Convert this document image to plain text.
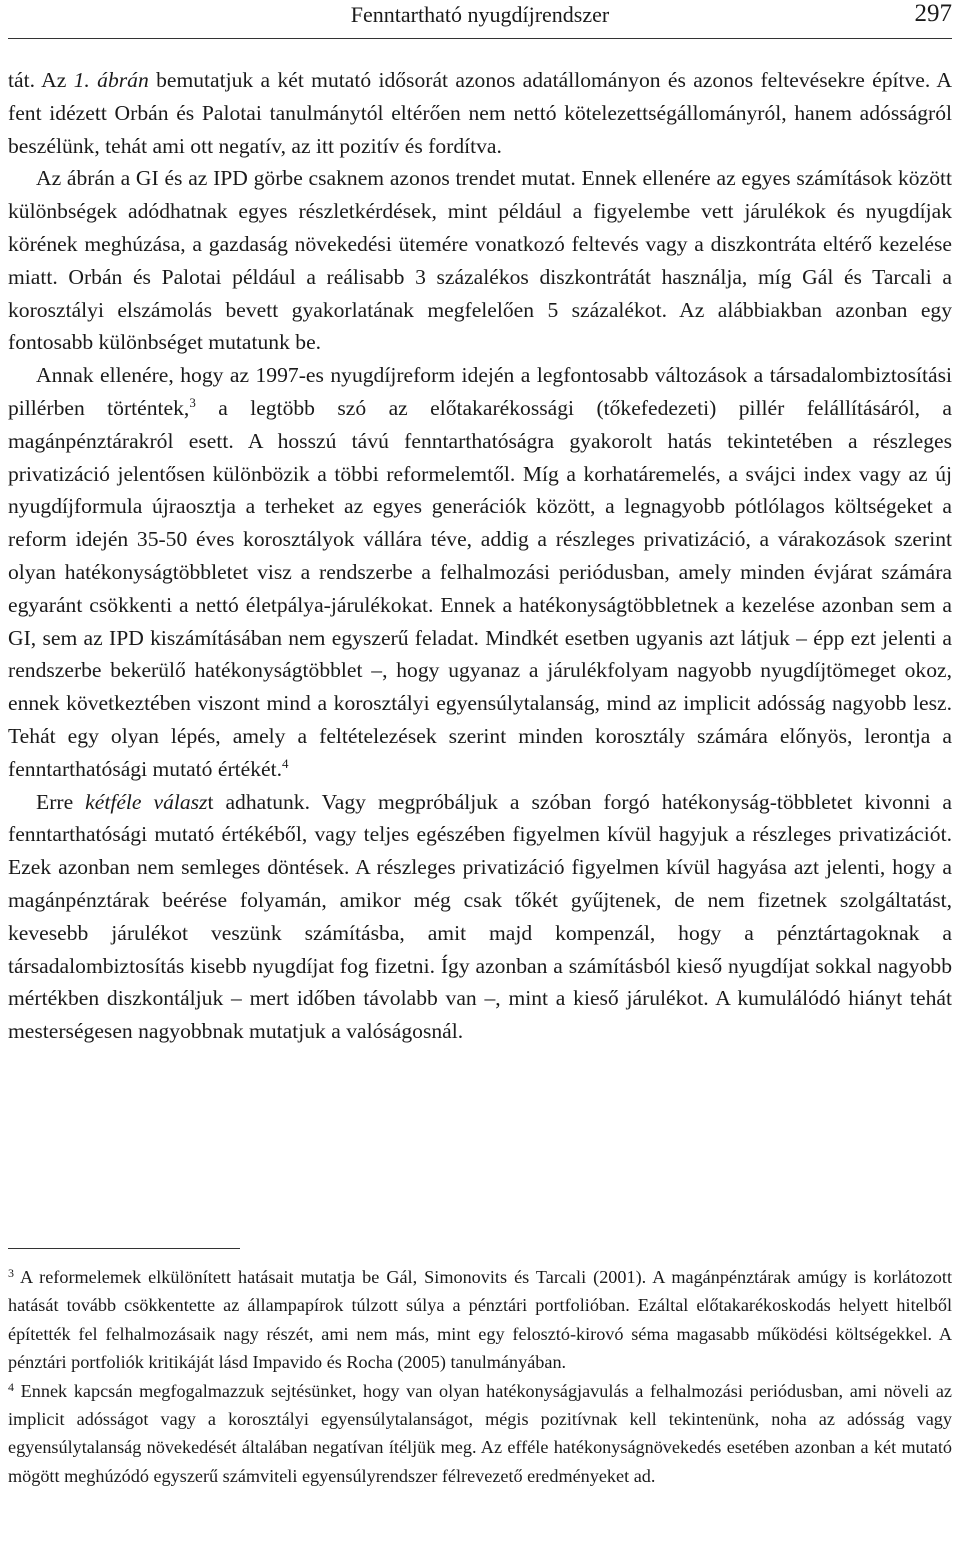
Fenntartható nyugdíjrendszer	297

tát. Az 1. ábrán bemutatjuk a két mutató idősorát azonos adatállományon és azonos feltevésekre építve. A fent idézett Orbán és Palotai tanulmánytól eltérően nem nettó kötelezettségállományról, hanem adósságról beszélünk, tehát ami ott negatív, az itt pozitív és fordítva.

Az ábrán a GI és az IPD görbe csaknem azonos trendet mutat. Ennek ellenére az egyes számítások között különbségek adódhatnak egyes részletkérdések, mint például a figyelembe vett járulékok és nyugdíjak körének meghúzása, a gazdaság növekedési ütemére vonatkozó feltevés vagy a diszkontráta eltérő kezelése miatt. Orbán és Palotai például a reálisabb 3 százalékos diszkontrátát használja, míg Gál és Tarcali a korosztályi elszámolás bevett gyakorlatának megfelelően 5 százalékot. Az alábbiakban azonban egy fontosabb különbséget mutatunk be.

Annak ellenére, hogy az 1997-es nyugdíjreform idején a legfontosabb változások a társadalombiztosítási pillérben történtek,$^3$ a legtöbb szó az előtakarékossági (tőkefedezeti) pillér felállításáról, a magánpénztárakról esett. A hosszú távú fenntarthatóságra gyakorolt hatás tekintetében a részleges privatizáció jelentősen különbözik a többi reformelemtől. Míg a korhatáremelés, a svájci index vagy az új nyugdíjformula újraosztja a terheket az egyes generációk között, a legnagyobb pótlólagos költségeket a reform idején 35-50 éves korosztályok vállára téve, addig a részleges privatizáció, a várakozások szerint olyan hatékonyságtöbbletet visz a rendszerbe a felhalmozási periódusban, amely minden évjárat számára egyaránt csökkenti a nettó életpálya-járulékokat. Ennek a hatékonyságtöbbletnek a kezelése azonban sem a GI, sem az IPD kiszámításában nem egyszerű feladat. Mindkét esetben ugyanis azt látjuk – épp ezt jelenti a rendszerbe bekerülő hatékonyságtöbblet –, hogy ugyanaz a járulékfolyam nagyobb nyugdíjtömeget okoz, ennek következtében viszont mind a korosztályi egyensúlytalanság, mind az implicit adósság nagyobb lesz. Tehát egy olyan lépés, amely a feltételezések szerint minden korosztály számára előnyös, lerontja a fenntarthatósági mutató értékét.$^4$

Erre kétféle választ adhatunk. Vagy megpróbáljuk a szóban forgó hatékonyság-többletet kivonni a fenntarthatósági mutató értékéből, vagy teljes egészében figyelmen kívül hagyjuk a részleges privatizációt. Ezek azonban nem semleges döntések. A részleges privatizáció figyelmen kívül hagyása azt jelenti, hogy a magánpénztárak beérése folyamán, amikor még csak tőkét gyűjtenek, de nem fizetnek szolgáltatást, kevesebb járulékot veszünk számításba, amit majd kompenzál, hogy a pénztártagoknak a társadalombiztosítás kisebb nyugdíjat fog fizetni. Így azonban a számításból kieső nyugdíjat sokkal nagyobb mértékben diszkontáljuk – mert időben távolabb van –, mint a kieső járulékot. A kumulálódó hiányt tehát mesterségesen nagyobbnak mutatjuk a valóságosnál.

$^3$ A reformelemek elkülönített hatásait mutatja be Gál, Simonovits és Tarcali (2001). A magánpénztárak amúgy is korlátozott hatását tovább csökkentette az állampapírok túlzott súlya a pénztári portfolióban. Ezáltal előtakarékoskodás helyett hitelből építették fel felhalmozásaik nagy részét, ami nem más, mint egy felosztó-kirovó séma magasabb működési költségekkel. A pénztári portfoliók kritikáját lásd Impavido és Rocha (2005) tanulmányában.

$^4$ Ennek kapcsán megfogalmazzuk sejtésünket, hogy van olyan hatékonyságjavulás a felhalmozási periódusban, ami növeli az implicit adósságot vagy a korosztályi egyensúlytalanságot, mégis pozitívnak kell tekintenünk, noha az adósság vagy egyensúlytalanság növekedését általában negatívan ítéljük meg. Az efféle hatékonyságnövekedés esetében azonban a két mutató mögött meghúzódó egyszerű számviteli egyensúlyrendszer félrevezető eredményeket ad.
